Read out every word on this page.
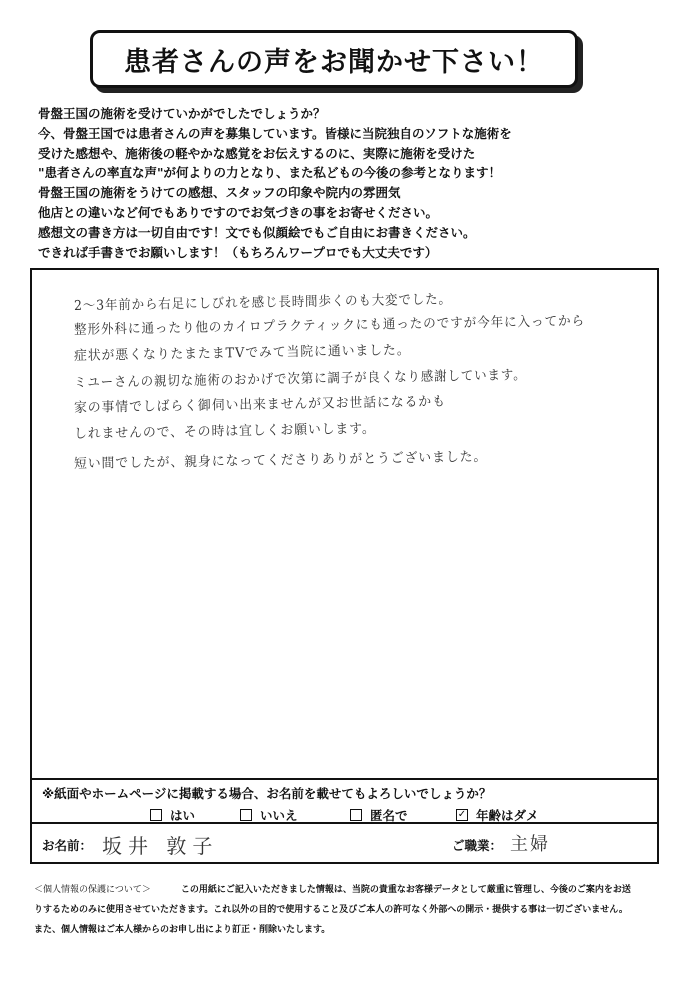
患者さんの声をお聞かせ下さい！
骨盤王国の施術を受けていかがでしたでしょうか？
今、骨盤王国では患者さんの声を募集しています。皆様に当院独自のソフトな施術を
受けた感想や、施術後の軽やかな感覚をお伝えするのに、実際に施術を受けた
"患者さんの率直な声"が何よりの力となり、また私どもの今後の参考となります！
骨盤王国の施術をうけての感想、スタッフの印象や院内の雰囲気
他店との違いなど何でもありですのでお気づきの事をお寄せください。
感想文の書き方は一切自由です！文でも似顔絵でもご自由にお書きください。
できれば手書きでお願いします！（もちろんワープロでも大丈夫です）
2～3年前から右足にしびれを感じ長時間歩くのも大変でした。
整形外科に通ったり他のカイロプラクティックにも通ったのですが今年に入ってから
症状が悪くなりたまたまTVでみて当院に通いました。
ミユーさんの親切な施術のおかげで次第に調子が良くなり感謝しています。
家の事情でしばらく御伺い出来ませんが又お世話になるかも
しれませんので、その時は宜しくお願いします。
短い間でしたが、親身になってくださりありがとうございました。
※紙面やホームページに掲載する場合、お名前を載せてもよろしいでしょうか？
はい	いいえ	匿名で	✓ 年齢はダメ
お名前： 坂井 敦子	ご職業： 主婦
＜個人情報の保護について＞	この用紙にご記入いただきました情報は、当院の貴重なお客様データとして厳重に管理し、今後のご案内をお送
りするためのみに使用させていただきます。これ以外の目的で使用すること及びご本人の許可なく外部への開示・提供する事は一切ございません。
また、個人情報はご本人様からのお申し出により訂正・削除いたします。
